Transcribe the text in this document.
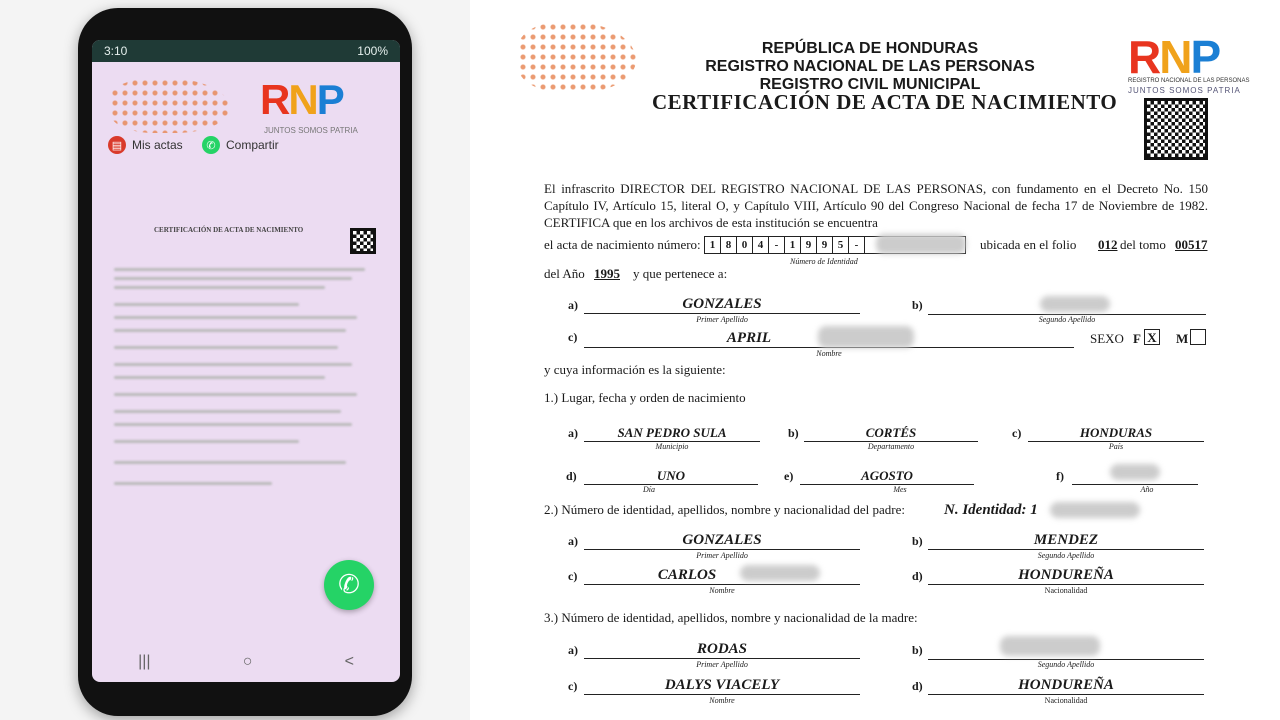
3:10	100%
RNP
JUNTOS SOMOS PATRIA
▤ Mis actas	✆ Compartir
CERTIFICACIÓN DE ACTA DE NACIMIENTO
✆
|||	○	<
REPÚBLICA DE HONDURAS
REGISTRO NACIONAL DE LAS PERSONAS
REGISTRO CIVIL MUNICIPAL
CERTIFICACIÓN DE ACTA DE NACIMIENTO
RNP
REGISTRO NACIONAL DE LAS PERSONAS
JUNTOS SOMOS PATRIA
El infrascrito DIRECTOR DEL REGISTRO NACIONAL DE LAS PERSONAS, con fundamento en el Decreto No. 150 Capítulo IV, Artículo 15, literal O, y Capítulo VIII, Artículo 90 del Congreso Nacional de fecha 17 de Noviembre de 1982. CERTIFICA que en los archivos de esta institución se encuentra
el acta de nacimiento número: 1 8 0 4	-	1 9 9 5	-
Número de Identidad
ubicada en el folio 012 del tomo 00517
del Año 1995 y que pertenece a:
a)	GONZALES
Primer Apellido
b)
Segundo Apellido
c)	APRIL
Nombre
SEXO F X M
y cuya información es la siguiente:
1.) Lugar, fecha y orden de nacimiento
a)	SAN PEDRO SULA
Municipio
b)	CORTÉS
Departamento
c)	HONDURAS
País
d)	UNO
Día
e)	AGOSTO
Mes
f)
Año
2.) Número de identidad, apellidos, nombre y nacionalidad del padre:	N. Identidad: 1
a)	GONZALES
Primer Apellido
b)	MENDEZ
Segundo Apellido
c)	CARLOS
Nombre
d)	HONDUREÑA
Nacionalidad
3.) Número de identidad, apellidos, nombre y nacionalidad de la madre:
a)	RODAS
Primer Apellido
b)
Segundo Apellido
c)	DALYS VIACELY
Nombre
d)	HONDUREÑA
Nacionalidad
